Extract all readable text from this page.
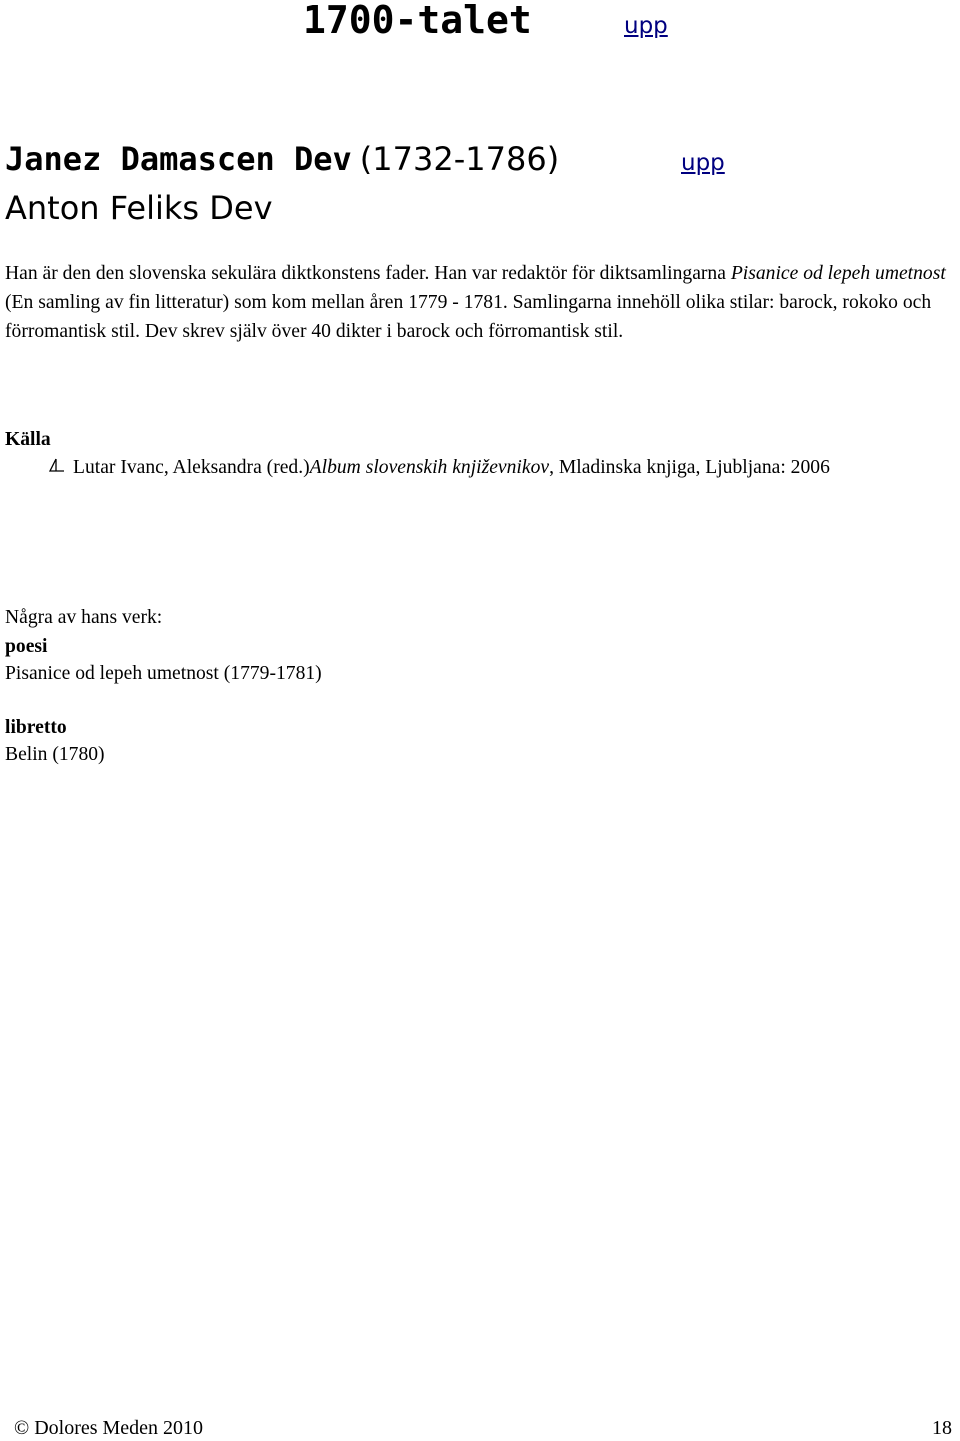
1700-talet	upp
Janez Damascen Dev (1732-1786)	upp
Anton Feliks Dev
Han är den den slovenska sekulära diktkonstens fader. Han var redaktör för diktsamlingarna Pisanice od lepeh umetnost (En samling av fin litteratur) som kom mellan åren 1779 - 1781. Samlingarna innehöll olika stilar: barock, rokoko och förromantisk stil. Dev skrev själv över 40 dikter i barock och förromantisk stil.
Källa
Lutar Ivanc, Aleksandra (red.)Album slovenskih književnikov, Mladinska knjiga, Ljubljana: 2006
Några av hans verk:
poesi
Pisanice od lepeh umetnost (1779-1781)
libretto
Belin (1780)
© Dolores Meden 2010	18
